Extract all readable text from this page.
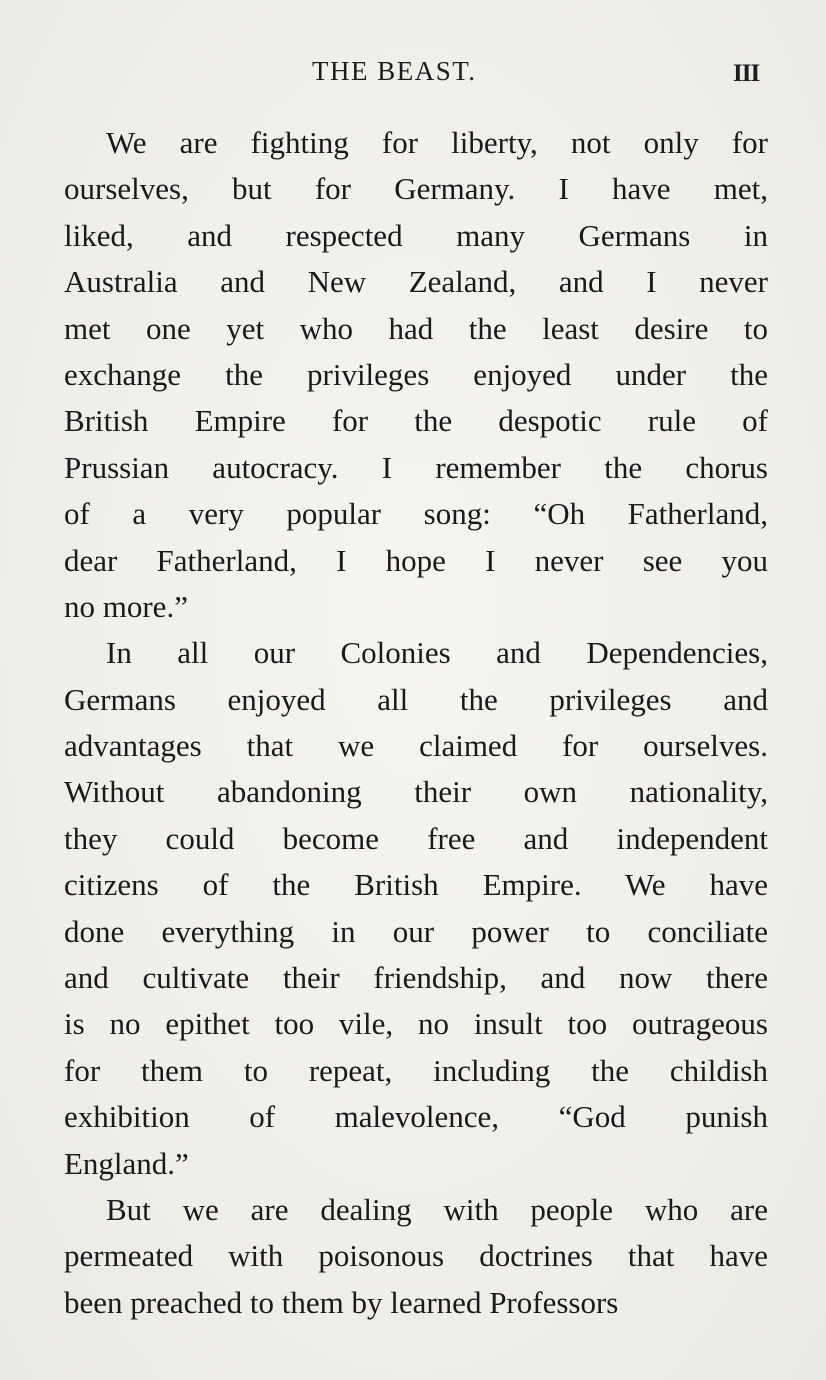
THE BEAST.	III
We are fighting for liberty, not only for
ourselves, but for Germany. I have met,
liked, and respected many Germans in
Australia and New Zealand, and I never
met one yet who had the least desire to
exchange the privileges enjoyed under the
British Empire for the despotic rule of
Prussian autocracy. I remember the chorus
of a very popular song: “Oh Fatherland,
dear Fatherland, I hope I never see you
no more.”
In all our Colonies and Dependencies,
Germans enjoyed all the privileges and
advantages that we claimed for ourselves.
Without abandoning their own nationality,
they could become free and independent
citizens of the British Empire. We have
done everything in our power to conciliate
and cultivate their friendship, and now there
is no epithet too vile, no insult too outrageous
for them to repeat, including the childish
exhibition of malevolence, “God punish
England.”
But we are dealing with people who are
permeated with poisonous doctrines that have
been preached to them by learned Professors
